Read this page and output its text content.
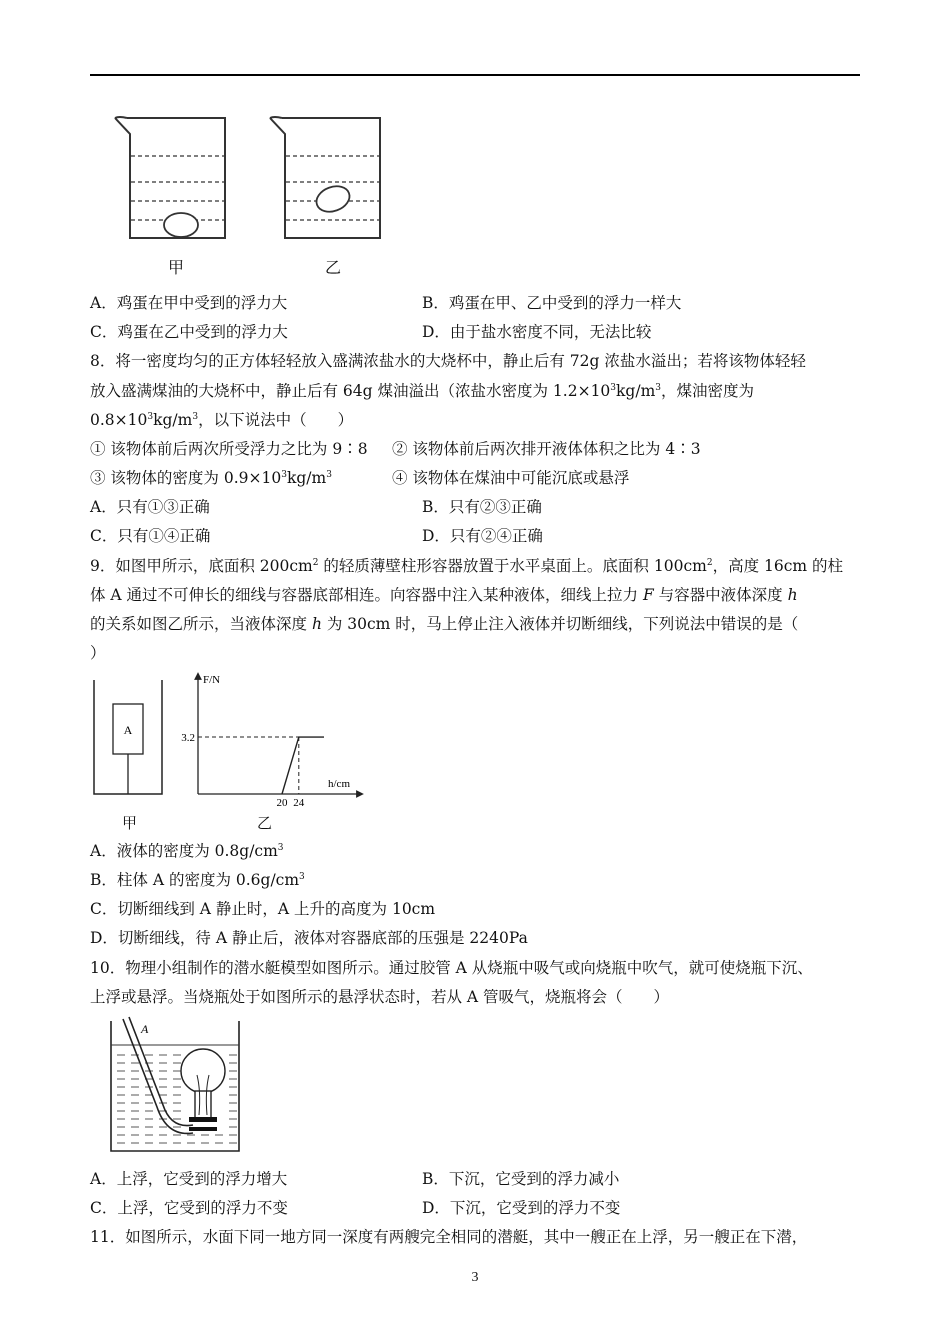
甲	乙
A．鸡蛋在甲中受到的浮力大	B．鸡蛋在甲、乙中受到的浮力一样大
C．鸡蛋在乙中受到的浮力大	D．由于盐水密度不同，无法比较
8．将一密度均匀的正方体轻轻放入盛满浓盐水的大烧杯中，静止后有 72g 浓盐水溢出；若将该物体轻轻
放入盛满煤油的大烧杯中，静止后有 64g 煤油溢出（浓盐水密度为 $1.2\times 10^3kg/m^3$，煤油密度为
$0.8\times 10^3kg/m^3$，以下说法中（　　）
① 该物体前后两次所受浮力之比为 9∶8 ② 该物体前后两次排开液体体积之比为 4∶3
③ 该物体的密度为 $0.9\times 10^3kg/m^3$	④ 该物体在煤油中可能沉底或悬浮
A．只有①③正确	B．只有②③正确
C．只有①④正确	D．只有②④正确
9．如图甲所示，底面积 $200cm^2$ 的轻质薄壁柱形容器放置于水平桌面上。底面积 $100cm^2$，高度 16cm 的柱
体 A 通过不可伸长的细线与容器底部相连。向容器中注入某种液体，细线上拉力 F 与容器中液体深度 h
的关系如图乙所示，当液体深度 h 为 30cm 时，马上停止注入液体并切断细线，下列说法中错误的是（
）
A
甲
F/N
h/cm
20 24
3.2
乙
A．液体的密度为 $0.8g/cm^3$
B．柱体 A 的密度为 $0.6g/cm^3$
C．切断细线到 A 静止时，A 上升的高度为 10cm
D．切断细线，待 A 静止后，液体对容器底部的压强是 2240Pa
10．物理小组制作的潜水艇模型如图所示。通过胶管 A 从烧瓶中吸气或向烧瓶中吹气，就可使烧瓶下沉、
上浮或悬浮。当烧瓶处于如图所示的悬浮状态时，若从 A 管吸气，烧瓶将会（　　）
A
A．上浮，它受到的浮力增大	B．下沉，它受到的浮力减小
C．上浮，它受到的浮力不变	D．下沉，它受到的浮力不变
11．如图所示，水面下同一地方同一深度有两艘完全相同的潜艇，其中一艘正在上浮，另一艘正在下潜，
3
